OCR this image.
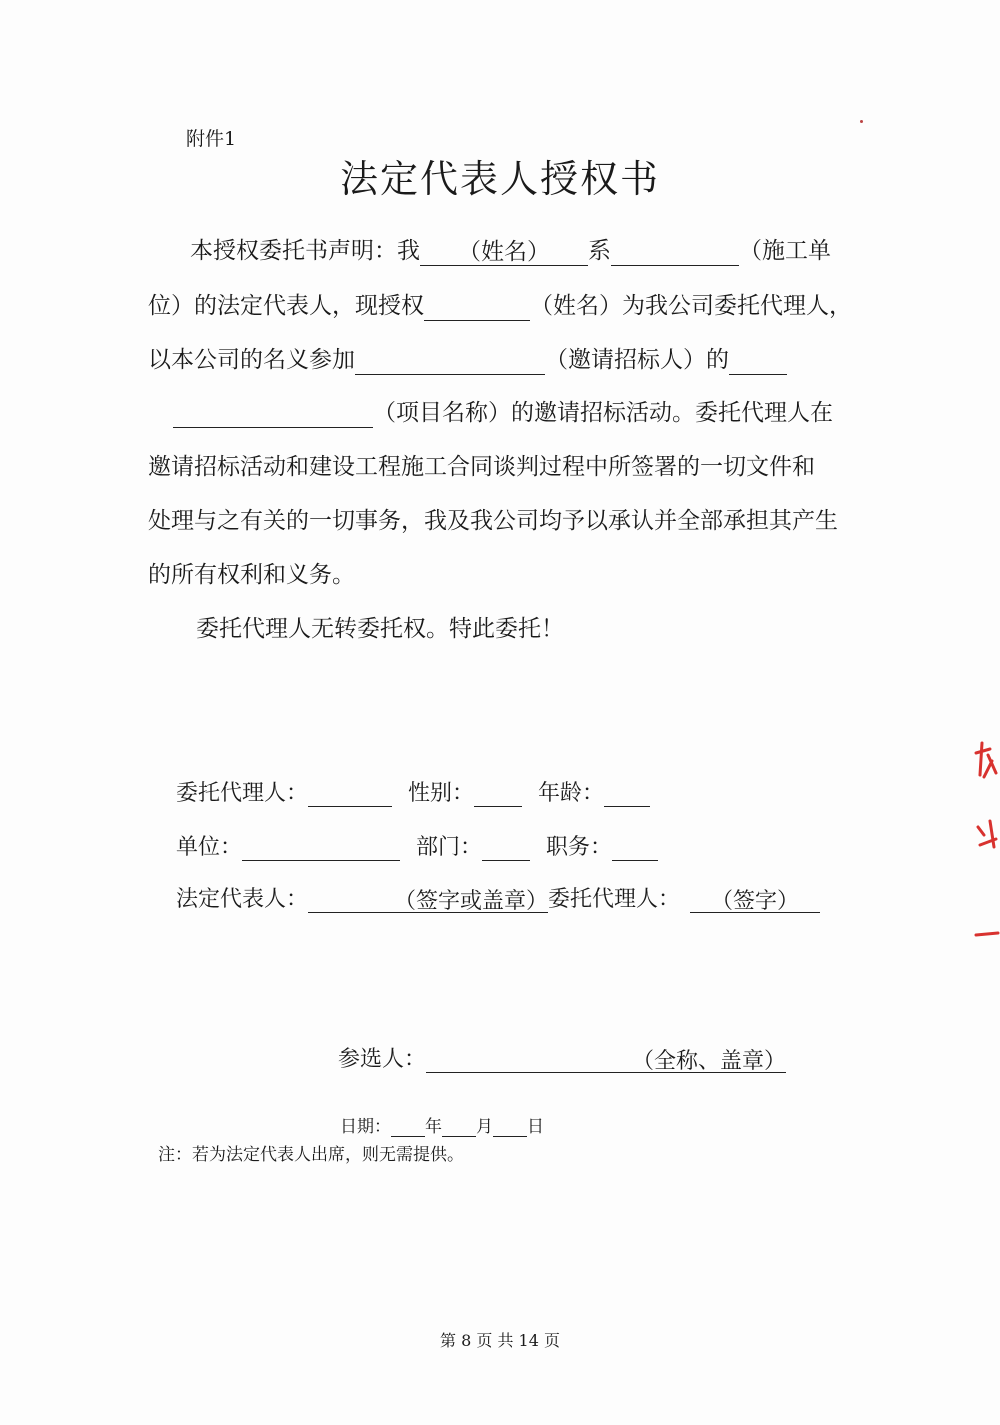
附件1
法定代表人授权书
本授权委托书声明：我 （姓名） 系	（施工单
位）的法定代表人，现授权	（姓名）为我公司委托代理人，
以本公司的名义参加	（邀请招标人）的
（项目名称）的邀请招标活动。委托代理人在
邀请招标活动和建设工程施工合同谈判过程中所签署的一切文件和
处理与之有关的一切事务，我及我公司均予以承认并全部承担其产生
的所有权利和义务。
委托代理人无转委托权。特此委托！
委托代理人：	性别：	年龄：
单位：	部门：	职务：
法定代表人：	（签字或盖章）委托代理人： （签字）
参选人：	（全称、盖章）
日期： 年 月 日
注：若为法定代表人出席，则无需提供。
第 8 页 共 14 页
